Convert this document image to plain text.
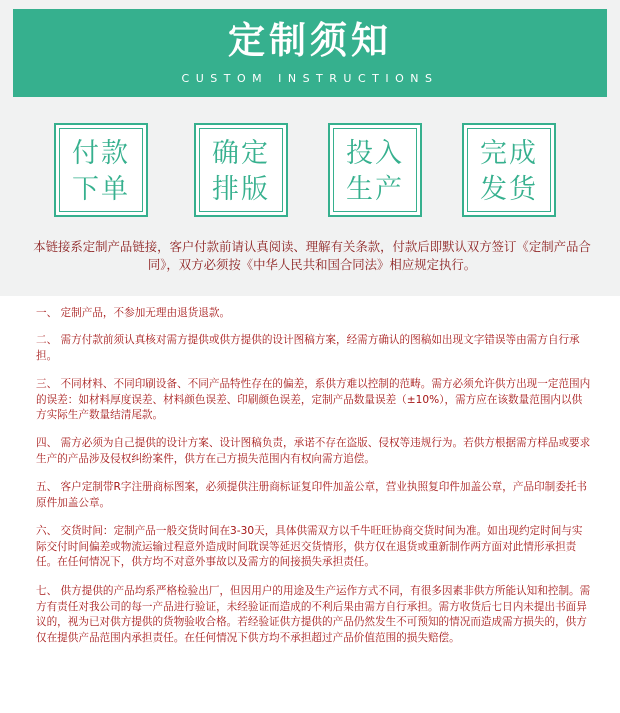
定制须知
CUSTOM INSTRUCTIONS
付款
下单
确定
排版
投入
生产
完成
发货
本链接系定制产品链接，客户付款前请认真阅读、理解有关条款，付款后即默认双方签订《定制产品合同》，双方必须按《中华人民共和国合同法》相应规定执行。
一、 定制产品，不参加无理由退货退款。
二、 需方付款前须认真核对需方提供或供方提供的设计图稿方案，经需方确认的图稿如出现文字错误等由需方自行承担。
三、 不同材料、不同印刷设备、不同产品特性存在的偏差，系供方难以控制的范畴。需方必须允许供方出现一定范围内的误差：如材料厚度误差、材料颜色误差、印刷颜色误差，定制产品数量误差（±10%），需方应在该数量范围内以供方实际生产数量结清尾款。
四、 需方必须为自己提供的设计方案、设计图稿负责，承诺不存在盗版、侵权等违规行为。若供方根据需方样品或要求生产的产品涉及侵权纠纷案件，供方在己方损失范围内有权向需方追偿。
五、 客户定制带R字注册商标图案，必须提供注册商标证复印件加盖公章，营业执照复印件加盖公章，产品印制委托书原件加盖公章。
六、 交货时间：定制产品一般交货时间在3-30天，具体供需双方以千牛旺旺协商交货时间为准。如出现约定时间与实际交付时间偏差或物流运输过程意外造成时间耽误等延迟交货情形，供方仅在退货或重新制作两方面对此情形承担责任。在任何情况下，供方均不对意外事故以及需方的间接损失承担责任。
七、 供方提供的产品均系严格检验出厂，但因用户的用途及生产运作方式不同，有很多因素非供方所能认知和控制。需方有责任对我公司的每一产品进行验证，未经验证而造成的不利后果由需方自行承担。需方收货后七日内未提出书面异议的，视为已对供方提供的货物验收合格。若经验证供方提供的产品仍然发生不可预知的情况而造成需方损失的，供方仅在提供产品范围内承担责任。在任何情况下供方均不承担超过产品价值范围的损失赔偿。
